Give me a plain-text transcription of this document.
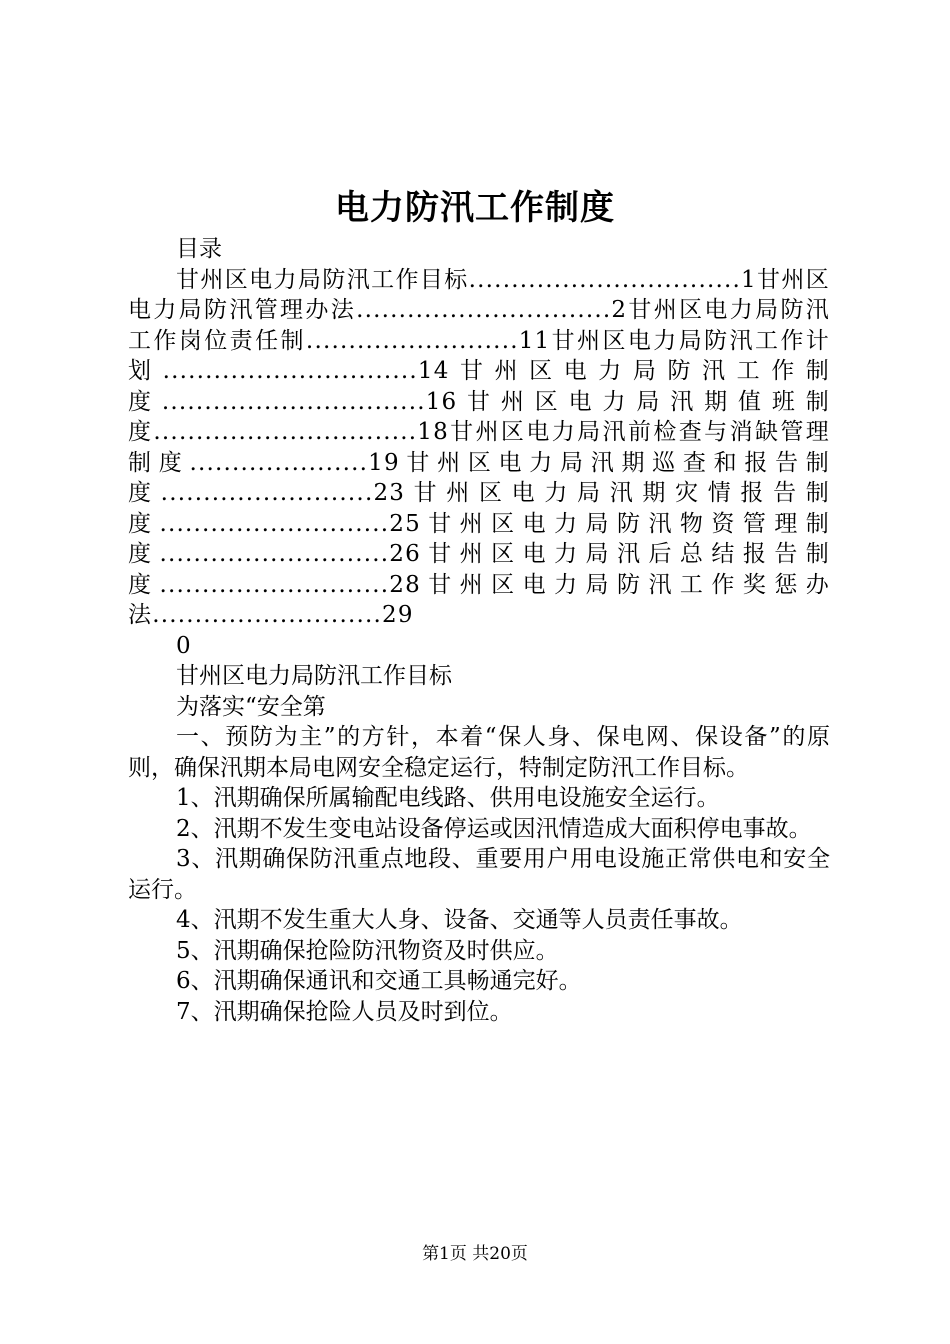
电力防汛工作制度

目录

甘州区电力局防汛工作目标................................1甘州区电力局防汛管理办法..............................2甘州区电力局防汛工作岗位责任制.........................11甘州区电力局防汛工作计划..............................14甘州区电力局防汛工作制度...............................16甘州区电力局汛期值班制度...............................18甘州区电力局汛前检查与消缺管理制度.....................19甘州区电力局汛期巡查和报告制度.........................23甘州区电力局汛期灾情报告制度...........................25甘州区电力局防汛物资管理制度...........................26甘州区电力局汛后总结报告制度...........................28甘州区电力局防汛工作奖惩办法...........................29

0

甘州区电力局防汛工作目标

为落实“安全第

一、预防为主”的方针，本着“保人身、保电网、保设备”的原则，确保汛期本局电网安全稳定运行，特制定防汛工作目标。

1、汛期确保所属输配电线路、供用电设施安全运行。

2、汛期不发生变电站设备停运或因汛情造成大面积停电事故。

3、汛期确保防汛重点地段、重要用户用电设施正常供电和安全运行。

4、汛期不发生重大人身、设备、交通等人员责任事故。

5、汛期确保抢险防汛物资及时供应。

6、汛期确保通讯和交通工具畅通完好。

7、汛期确保抢险人员及时到位。

第1页 共20页
